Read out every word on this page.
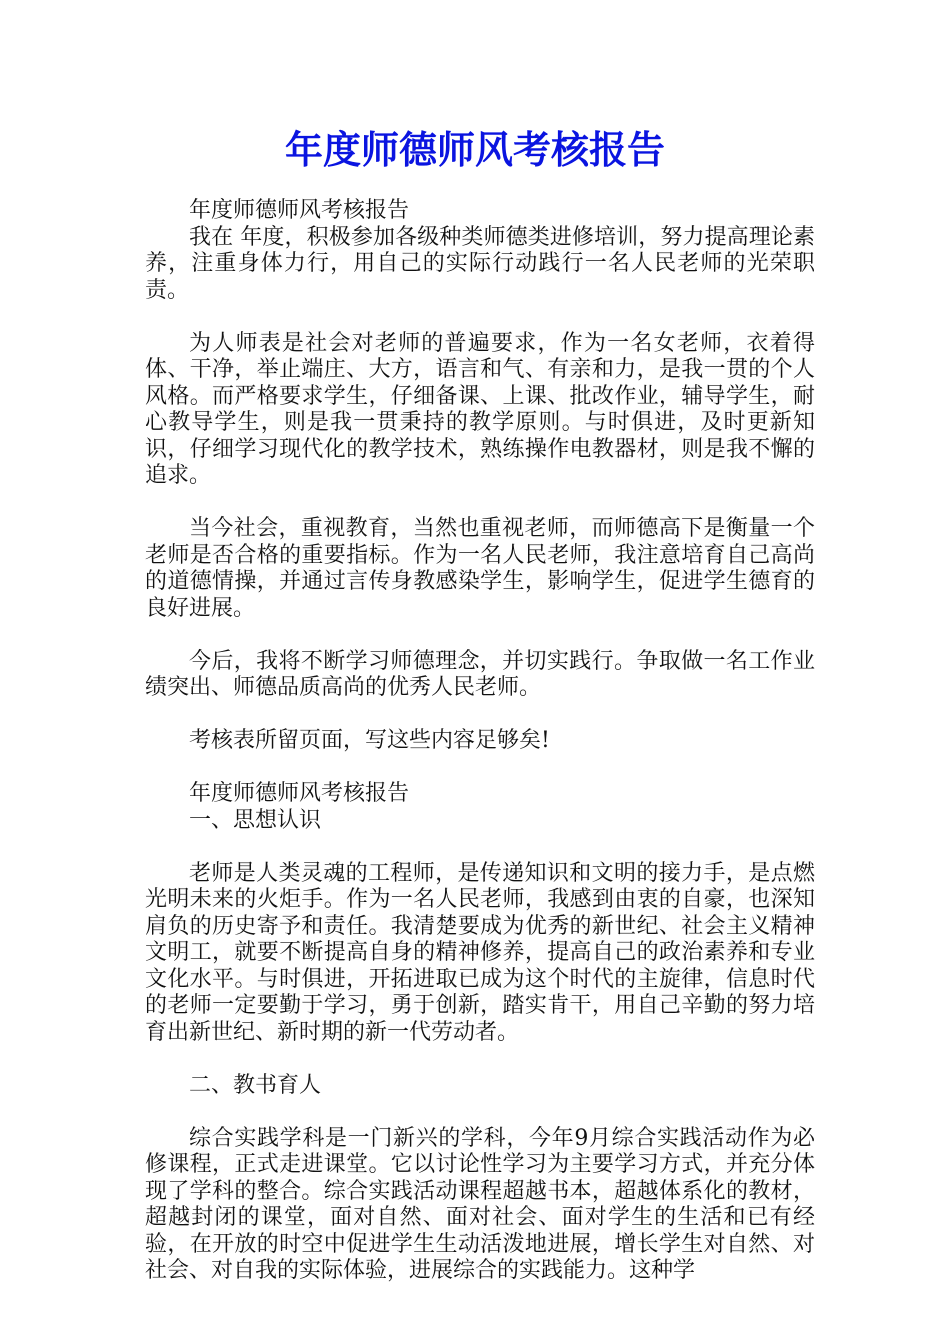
年度师德师风考核报告

年度师德师风考核报告

我在 年度，积极参加各级种类师德类进修培训，努力提高理论素养，注重身体力行，用自己的实际行动践行一名人民老师的光荣职责。

为人师表是社会对老师的普遍要求，作为一名女老师，衣着得体、干净，举止端庄、大方，语言和气、有亲和力，是我一贯的个人风格。而严格要求学生，仔细备课、上课、批改作业，辅导学生，耐心教导学生，则是我一贯秉持的教学原则。与时俱进，及时更新知识，仔细学习现代化的教学技术，熟练操作电教器材，则是我不懈的追求。

当今社会，重视教育，当然也重视老师，而师德高下是衡量一个老师是否合格的重要指标。作为一名人民老师，我注意培育自己高尚的道德情操，并通过言传身教感染学生，影响学生，促进学生德育的良好进展。

今后，我将不断学习师德理念，并切实践行。争取做一名工作业绩突出、师德品质高尚的优秀人民老师。

考核表所留页面，写这些内容足够矣!

年度师德师风考核报告

一、思想认识

老师是人类灵魂的工程师，是传递知识和文明的接力手，是点燃光明未来的火炬手。作为一名人民老师，我感到由衷的自豪，也深知肩负的历史寄予和责任。我清楚要成为优秀的新世纪、社会主义精神文明工，就要不断提高自身的精神修养，提高自己的政治素养和专业文化水平。与时俱进，开拓进取已成为这个时代的主旋律，信息时代的老师一定要勤于学习，勇于创新，踏实肯干，用自己辛勤的努力培育出新世纪、新时期的新一代劳动者。

二、教书育人

综合实践学科是一门新兴的学科，今年9月综合实践活动作为必修课程，正式走进课堂。它以讨论性学习为主要学习方式，并充分体现了学科的整合。综合实践活动课程超越书本，超越体系化的教材，超越封闭的课堂，面对自然、面对社会、面对学生的生活和已有经验，在开放的时空中促进学生生动活泼地进展，增长学生对自然、对社会、对自我的实际体验，进展综合的实践能力。这种学
